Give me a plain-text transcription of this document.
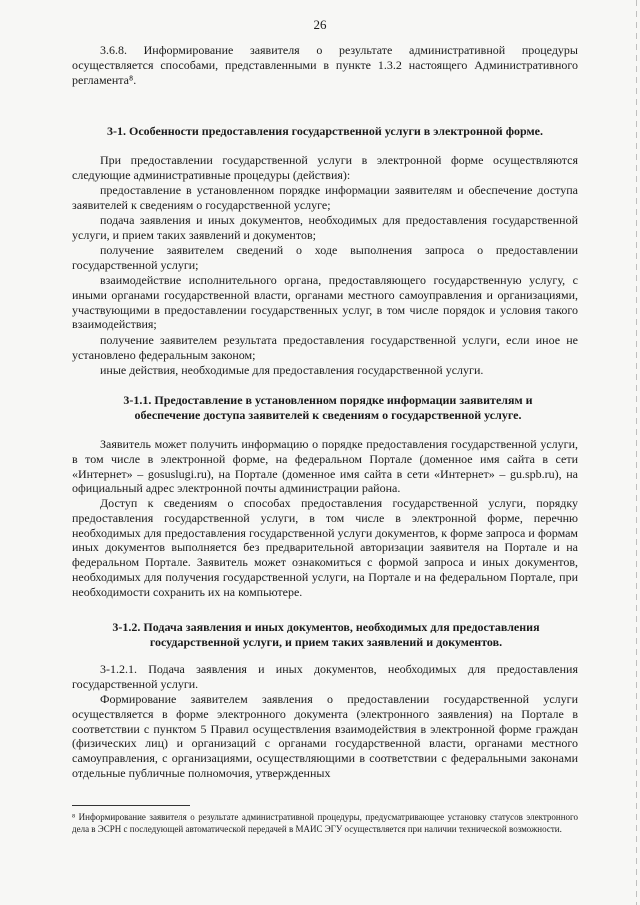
26

3.6.8. Информирование заявителя о результате административной процедуры осуществляется способами, представленными в пункте 1.3.2 настоящего Административного регламента⁸.

3-1. Особенности предоставления государственной услуги в электронной форме.

При предоставлении государственной услуги в электронной форме осуществляются следующие административные процедуры (действия):

предоставление в установленном порядке информации заявителям и обеспечение доступа заявителей к сведениям о государственной услуге;

подача заявления и иных документов, необходимых для предоставления государственной услуги, и прием таких заявлений и документов;

получение заявителем сведений о ходе выполнения запроса о предоставлении государственной услуги;

взаимодействие исполнительного органа, предоставляющего государственную услугу, с иными органами государственной власти, органами местного самоуправления и организациями, участвующими в предоставлении государственных услуг, в том числе порядок и условия такого взаимодействия;

получение заявителем результата предоставления государственной услуги, если иное не установлено федеральным законом;

иные действия, необходимые для предоставления государственной услуги.

3-1.1. Предоставление в установленном порядке информации заявителям и обеспечение доступа заявителей к сведениям о государственной услуге.

Заявитель может получить информацию о порядке предоставления государственной услуги, в том числе в электронной форме, на федеральном Портале (доменное имя сайта в сети «Интернет» – gosuslugi.ru), на Портале (доменное имя сайта в сети «Интернет» – gu.spb.ru), на официальный адрес электронной почты администрации района.

Доступ к сведениям о способах предоставления государственной услуги, порядку предоставления государственной услуги, в том числе в электронной форме, перечню необходимых для предоставления государственной услуги документов, к форме запроса и формам иных документов выполняется без предварительной авторизации заявителя на Портале и на федеральном Портале. Заявитель может ознакомиться с формой запроса и иных документов, необходимых для получения государственной услуги, на Портале и на федеральном Портале, при необходимости сохранить их на компьютере.

3-1.2. Подача заявления и иных документов, необходимых для предоставления государственной услуги, и прием таких заявлений и документов.

3-1.2.1. Подача заявления и иных документов, необходимых для предоставления государственной услуги.

Формирование заявителем заявления о предоставлении государственной услуги осуществляется в форме электронного документа (электронного заявления) на Портале в соответствии с пунктом 5 Правил осуществления взаимодействия в электронной форме граждан (физических лиц) и организаций с органами государственной власти, органами местного самоуправления, с организациями, осуществляющими в соответствии с федеральными законами отдельные публичные полномочия, утвержденных

⁸ Информирование заявителя о результате административной процедуры, предусматривающее установку статусов электронного дела в ЭСРН с последующей автоматической передачей в МАИС ЭГУ осуществляется при наличии технической возможности.
